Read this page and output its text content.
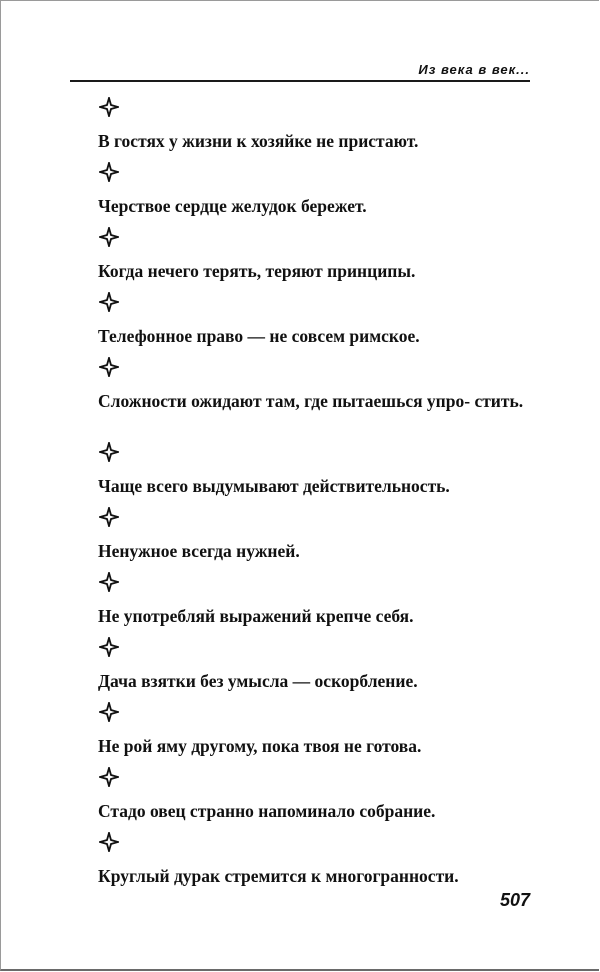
Из века в век...
В гостях у жизни к хозяйке не пристают.
Черствое сердце желудок бережет.
Когда нечего терять, теряют принципы.
Телефонное право — не совсем римское.
Сложности ожидают там, где пытаешься упро- стить.
Чаще всего выдумывают действительность.
Ненужное всегда нужней.
Не употребляй выражений крепче себя.
Дача взятки без умысла — оскорбление.
Не рой яму другому, пока твоя не готова.
Стадо овец странно напоминало собрание.
Круглый дурак стремится к многогранности.
507
